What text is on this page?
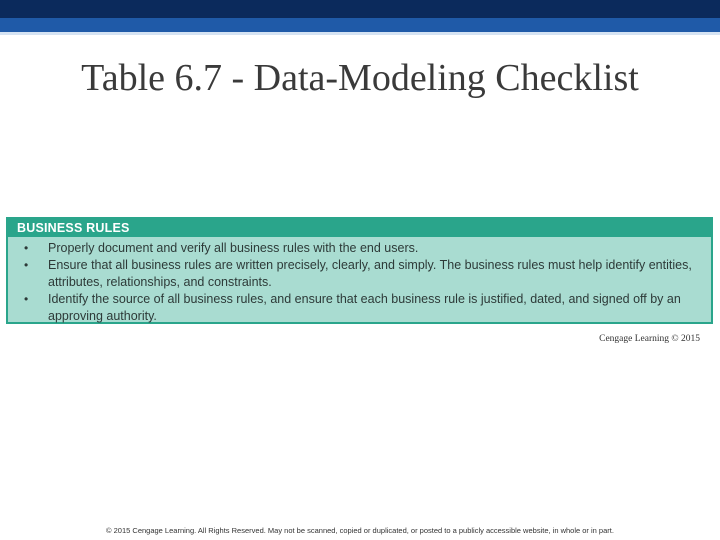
Table 6.7 - Data-Modeling Checklist
BUSINESS RULES
• Properly document and verify all business rules with the end users.
• Ensure that all business rules are written precisely, clearly, and simply. The business rules must help identify entities, attributes, relationships, and constraints.
• Identify the source of all business rules, and ensure that each business rule is justified, dated, and signed off by an approving authority.
Cengage Learning © 2015
© 2015 Cengage Learning. All Rights Reserved. May not be scanned, copied or duplicated, or posted to a publicly accessible website, in whole or in part.
